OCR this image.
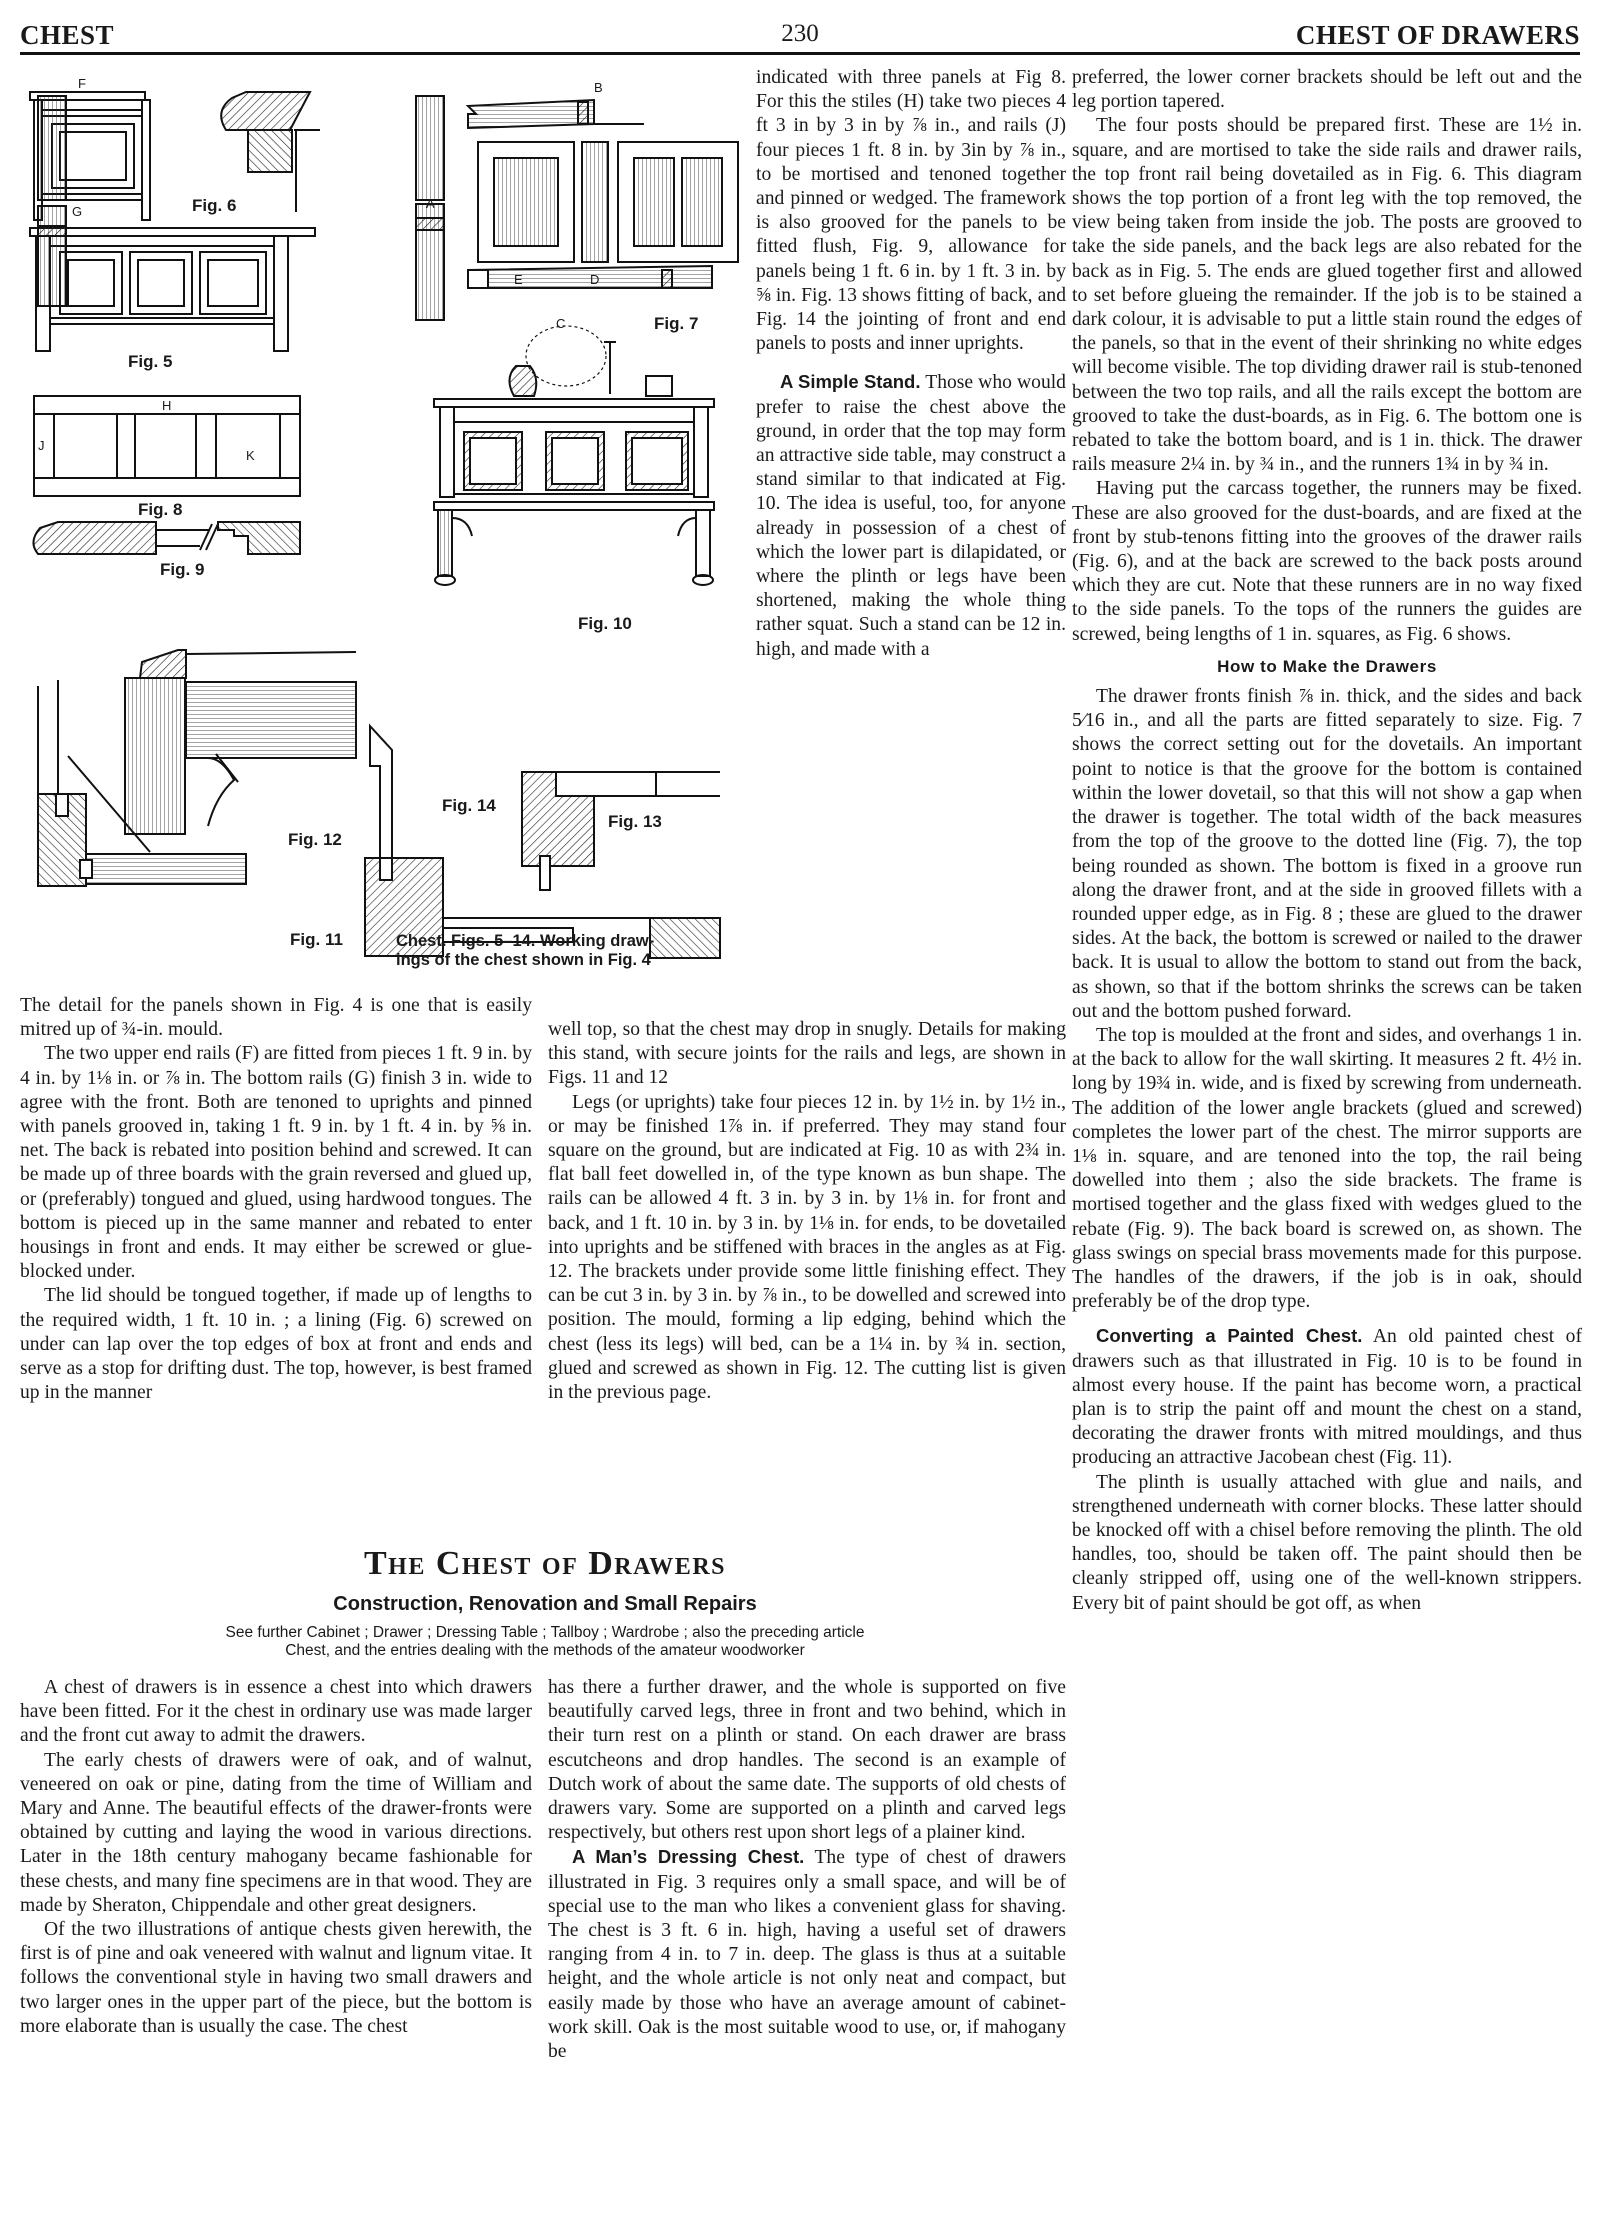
CHEST	230	CHEST OF DRAWERS
Fig. 6
Fig. 5
Fig. 8
Fig. 9
Fig. 7
Fig. 10
Fig. 11
Fig. 12
Fig. 13
Fig. 14
F
G
H
J
K
A
B
C
D
E
Chest. Figs. 5–14. Working draw-
ings of the chest shown in Fig. 4

indicated with three panels at Fig 8. For this the stiles (H) take two pieces 4 ft 3 in by 3 in by ⅞ in., and rails (J) four pieces 1 ft. 8 in. by 3in by ⅞ in., to be mortised and tenoned together and pinned or wedged. The framework is also grooved for the panels to be fitted flush, Fig. 9, allowance for panels being 1 ft. 6 in. by 1 ft. 3 in. by ⅝ in. Fig. 13 shows fitting of back, and Fig. 14 the jointing of front and end panels to posts and inner uprights.

A Simple Stand. Those who would prefer to raise the chest above the ground, in order that the top may form an attractive side table, may construct a stand similar to that indicated at Fig. 10. The idea is useful, too, for anyone already in possession of a chest of which the lower part is dilapidated, or where the plinth or legs have been shortened, making the whole thing rather squat. Such a stand can be 12 in. high, and made with a

The detail for the panels shown in Fig. 4 is one that is easily mitred up of ¾-in. mould.

The two upper end rails (F) are fitted from pieces 1 ft. 9 in. by 4 in. by 1⅛ in. or ⅞ in. The bottom rails (G) finish 3 in. wide to agree with the front. Both are tenoned to uprights and pinned with panels grooved in, taking 1 ft. 9 in. by 1 ft. 4 in. by ⅝ in. net. The back is rebated into position behind and screwed. It can be made up of three boards with the grain reversed and glued up, or (preferably) tongued and glued, using hardwood tongues. The bottom is pieced up in the same manner and rebated to enter housings in front and ends. It may either be screwed or glue-blocked under.

The lid should be tongued together, if made up of lengths to the required width, 1 ft. 10 in. ; a lining (Fig. 6) screwed on under can lap over the top edges of box at front and ends and serve as a stop for drifting dust. The top, however, is best framed up in the manner

well top, so that the chest may drop in snugly. Details for making this stand, with secure joints for the rails and legs, are shown in Figs. 11 and 12

Legs (or uprights) take four pieces 12 in. by 1½ in. by 1½ in., or may be finished 1⅞ in. if preferred. They may stand four square on the ground, but are indicated at Fig. 10 as with 2¾ in. flat ball feet dowelled in, of the type known as bun shape. The rails can be allowed 4 ft. 3 in. by 3 in. by 1⅛ in. for front and back, and 1 ft. 10 in. by 3 in. by 1⅛ in. for ends, to be dovetailed into uprights and be stiffened with braces in the angles as at Fig. 12. The brackets under provide some little finishing effect. They can be cut 3 in. by 3 in. by ⅞ in., to be dowelled and screwed into position. The mould, forming a lip edging, behind which the chest (less its legs) will bed, can be a 1¼ in. by ¾ in. section, glued and screwed as shown in Fig. 12. The cutting list is given in the previous page.

The Chest of Drawers
Construction, Renovation and Small Repairs
See further Cabinet ; Drawer ; Dressing Table ; Tallboy ; Wardrobe ; also the preceding article
Chest, and the entries dealing with the methods of the amateur woodworker

A chest of drawers is in essence a chest into which drawers have been fitted. For it the chest in ordinary use was made larger and the front cut away to admit the drawers.

The early chests of drawers were of oak, and of walnut, veneered on oak or pine, dating from the time of William and Mary and Anne. The beautiful effects of the drawer-fronts were obtained by cutting and laying the wood in various directions. Later in the 18th century mahogany became fashionable for these chests, and many fine specimens are in that wood. They are made by Sheraton, Chippendale and other great designers.

Of the two illustrations of antique chests given herewith, the first is of pine and oak veneered with walnut and lignum vitae. It follows the conventional style in having two small drawers and two larger ones in the upper part of the piece, but the bottom is more elaborate than is usually the case. The chest

has there a further drawer, and the whole is supported on five beautifully carved legs, three in front and two behind, which in their turn rest on a plinth or stand. On each drawer are brass escutcheons and drop handles. The second is an example of Dutch work of about the same date. The supports of old chests of drawers vary. Some are supported on a plinth and carved legs respectively, but others rest upon short legs of a plainer kind.

A Man’s Dressing Chest. The type of chest of drawers illustrated in Fig. 3 requires only a small space, and will be of special use to the man who likes a convenient glass for shaving. The chest is 3 ft. 6 in. high, having a useful set of drawers ranging from 4 in. to 7 in. deep. The glass is thus at a suitable height, and the whole article is not only neat and compact, but easily made by those who have an average amount of cabinet-work skill. Oak is the most suitable wood to use, or, if mahogany be

preferred, the lower corner brackets should be left out and the leg portion tapered.

The four posts should be prepared first. These are 1½ in. square, and are mortised to take the side rails and drawer rails, the top front rail being dovetailed as in Fig. 6. This diagram shows the top portion of a front leg with the top removed, the view being taken from inside the job. The posts are grooved to take the side panels, and the back legs are also rebated for the back as in Fig. 5. The ends are glued together first and allowed to set before glueing the remainder. If the job is to be stained a dark colour, it is advisable to put a little stain round the edges of the panels, so that in the event of their shrinking no white edges will become visible. The top dividing drawer rail is stub-tenoned between the two top rails, and all the rails except the bottom are grooved to take the dust-boards, as in Fig. 6. The bottom one is rebated to take the bottom board, and is 1 in. thick. The drawer rails measure 2¼ in. by ¾ in., and the runners 1¾ in by ¾ in.

Having put the carcass together, the runners may be fixed. These are also grooved for the dust-boards, and are fixed at the front by stub-tenons fitting into the grooves of the drawer rails (Fig. 6), and at the back are screwed to the back posts around which they are cut. Note that these runners are in no way fixed to the side panels. To the tops of the runners the guides are screwed, being lengths of 1 in. squares, as Fig. 6 shows.

How to Make the Drawers

The drawer fronts finish ⅞ in. thick, and the sides and back 5⁄16 in., and all the parts are fitted separately to size. Fig. 7 shows the correct setting out for the dovetails. An important point to notice is that the groove for the bottom is contained within the lower dovetail, so that this will not show a gap when the drawer is together. The total width of the back measures from the top of the groove to the dotted line (Fig. 7), the top being rounded as shown. The bottom is fixed in a groove run along the drawer front, and at the side in grooved fillets with a rounded upper edge, as in Fig. 8 ; these are glued to the drawer sides. At the back, the bottom is screwed or nailed to the drawer back. It is usual to allow the bottom to stand out from the back, as shown, so that if the bottom shrinks the screws can be taken out and the bottom pushed forward.

The top is moulded at the front and sides, and overhangs 1 in. at the back to allow for the wall skirting. It measures 2 ft. 4½ in. long by 19¾ in. wide, and is fixed by screwing from underneath. The addition of the lower angle brackets (glued and screwed) completes the lower part of the chest. The mirror supports are 1⅛ in. square, and are tenoned into the top, the rail being dowelled into them ; also the side brackets. The frame is mortised together and the glass fixed with wedges glued to the rebate (Fig. 9). The back board is screwed on, as shown. The glass swings on special brass movements made for this purpose. The handles of the drawers, if the job is in oak, should preferably be of the drop type.

Converting a Painted Chest. An old painted chest of drawers such as that illustrated in Fig. 10 is to be found in almost every house. If the paint has become worn, a practical plan is to strip the paint off and mount the chest on a stand, decorating the drawer fronts with mitred mouldings, and thus producing an attractive Jacobean chest (Fig. 11).

The plinth is usually attached with glue and nails, and strengthened underneath with corner blocks. These latter should be knocked off with a chisel before removing the plinth. The old handles, too, should be taken off. The paint should then be cleanly stripped off, using one of the well-known strippers. Every bit of paint should be got off, as when
